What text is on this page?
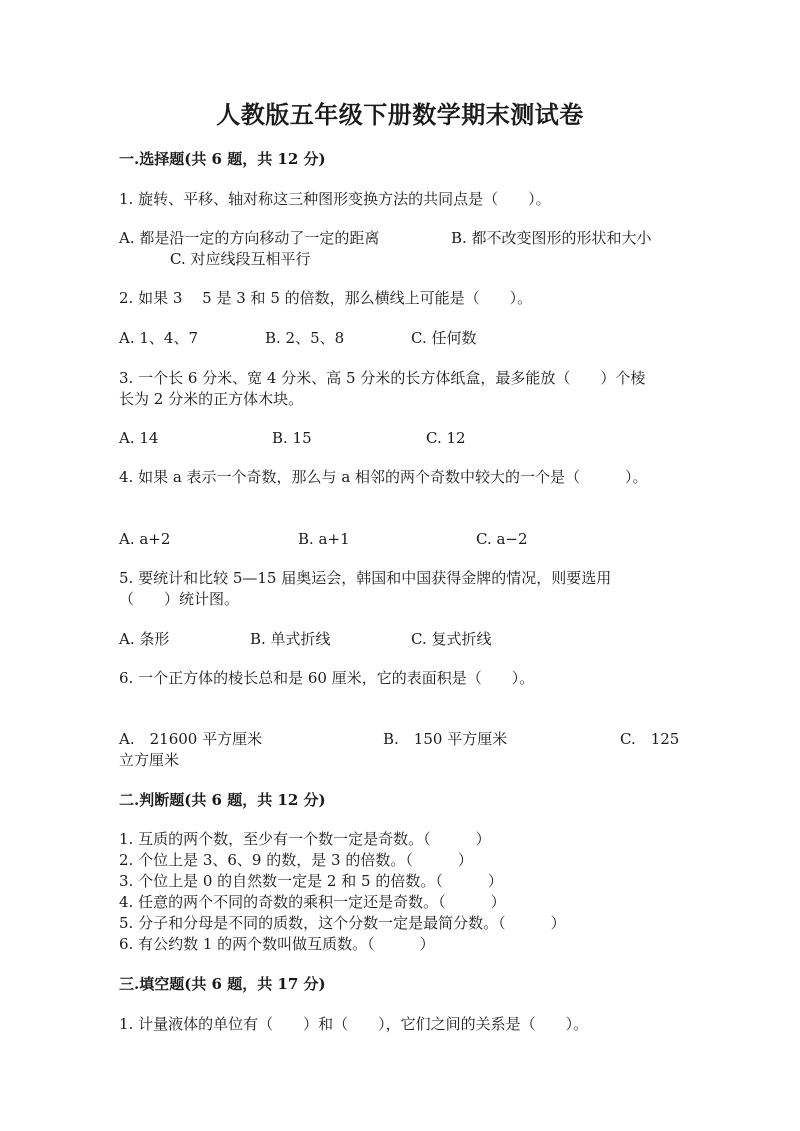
人教版五年级下册数学期末测试卷
一.选择题(共 6 题，共 12 分)
1. 旋转、平移、轴对称这三种图形变换方法的共同点是（　　）。
A. 都是沿一定的方向移动了一定的距离	B. 都不改变图形的形状和大小
C. 对应线段互相平行
2. 如果 3　 5 是 3 和 5 的倍数，那么横线上可能是（　　）。
A. 1、4、7	B. 2、5、8	C. 任何数
3. 一个长 6 分米、宽 4 分米、高 5 分米的长方体纸盒，最多能放（　　）个棱
长为 2 分米的正方体木块。
A. 14	B. 15	C. 12
4. 如果 a 表示一个奇数，那么与 a 相邻的两个奇数中较大的一个是（　　　）。
A. a+2	B. a+1	C. a−2
5. 要统计和比较 5—15 届奥运会，韩国和中国获得金牌的情况，则要选用
（　　）统计图。
A. 条形	B. 单式折线	C. 复式折线
6. 一个正方体的棱长总和是 60 厘米，它的表面积是（　　）。
A.　21600 平方厘米	B.　150 平方厘米	C.　125
立方厘米
二.判断题(共 6 题，共 12 分)
1. 互质的两个数，至少有一个数一定是奇数。（　　　）
2. 个位上是 3、6、9 的数，是 3 的倍数。（　　　）
3. 个位上是 0 的自然数一定是 2 和 5 的倍数。（　　　）
4. 任意的两个不同的奇数的乘积一定还是奇数。（　　　）
5. 分子和分母是不同的质数，这个分数一定是最简分数。（　　　）
6. 有公约数 1 的两个数叫做互质数。（　　　）
三.填空题(共 6 题，共 17 分)
1. 计量液体的单位有（　　）和（　　），它们之间的关系是（　　）。
